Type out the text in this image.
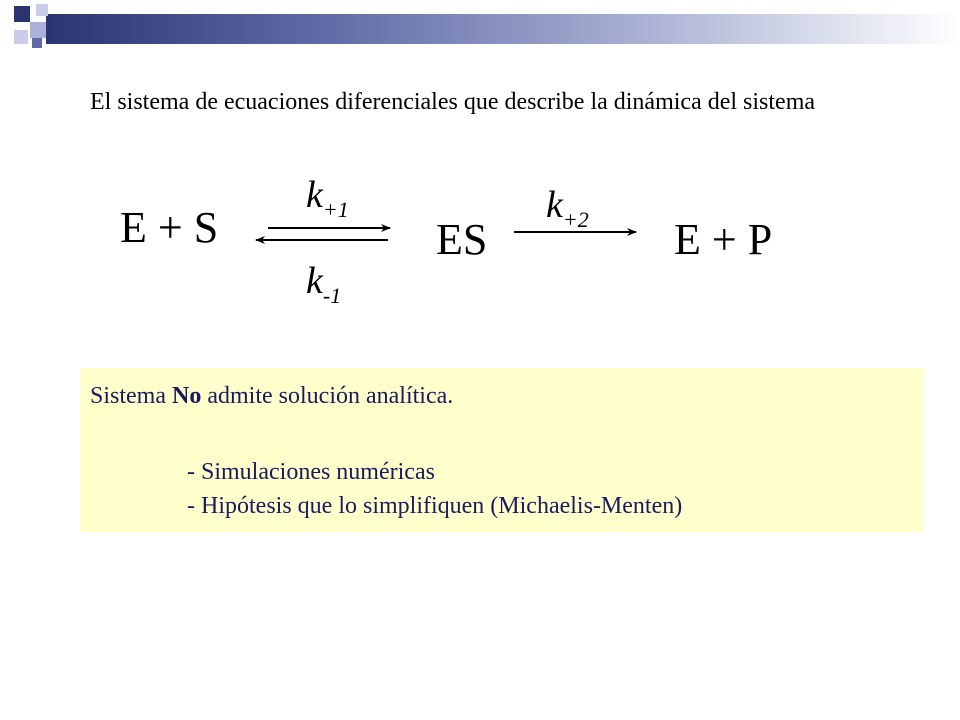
El sistema de ecuaciones diferenciales que describe la dinámica del sistema

E + S
$k_{+1}$
$k_{-1}$
ES
$k_{+2}$ E + P
Sistema No admite solución analítica.
- Simulaciones numéricas
- Hipótesis que lo simplifiquen (Michaelis-Menten)
